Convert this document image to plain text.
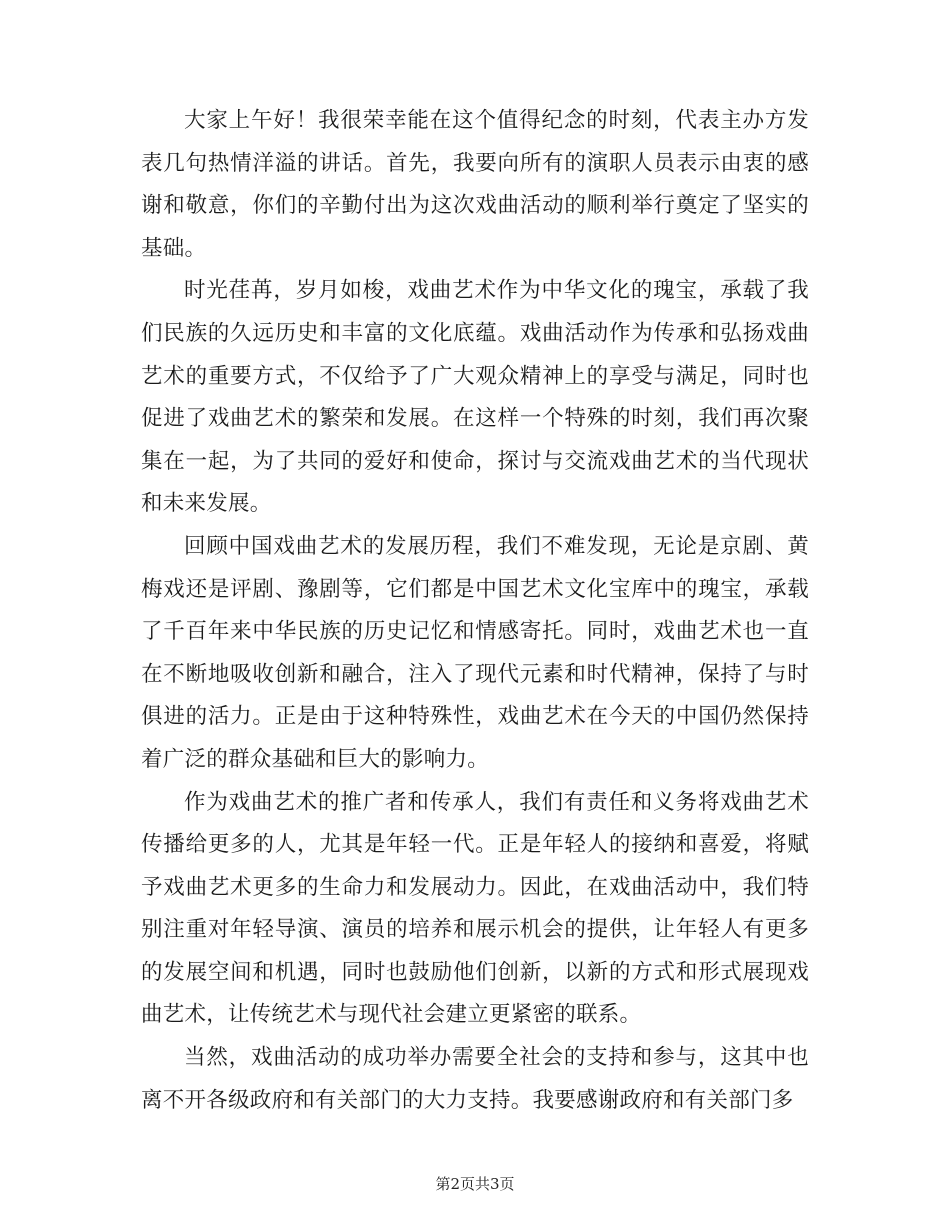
大家上午好！我很荣幸能在这个值得纪念的时刻，代表主办方发表几句热情洋溢的讲话。首先，我要向所有的演职人员表示由衷的感谢和敬意，你们的辛勤付出为这次戏曲活动的顺利举行奠定了坚实的基础。

时光荏苒，岁月如梭，戏曲艺术作为中华文化的瑰宝，承载了我们民族的久远历史和丰富的文化底蕴。戏曲活动作为传承和弘扬戏曲艺术的重要方式，不仅给予了广大观众精神上的享受与满足，同时也促进了戏曲艺术的繁荣和发展。在这样一个特殊的时刻，我们再次聚集在一起，为了共同的爱好和使命，探讨与交流戏曲艺术的当代现状和未来发展。

回顾中国戏曲艺术的发展历程，我们不难发现，无论是京剧、黄梅戏还是评剧、豫剧等，它们都是中国艺术文化宝库中的瑰宝，承载了千百年来中华民族的历史记忆和情感寄托。同时，戏曲艺术也一直在不断地吸收创新和融合，注入了现代元素和时代精神，保持了与时俱进的活力。正是由于这种特殊性，戏曲艺术在今天的中国仍然保持着广泛的群众基础和巨大的影响力。

作为戏曲艺术的推广者和传承人，我们有责任和义务将戏曲艺术传播给更多的人，尤其是年轻一代。正是年轻人的接纳和喜爱，将赋予戏曲艺术更多的生命力和发展动力。因此，在戏曲活动中，我们特别注重对年轻导演、演员的培养和展示机会的提供，让年轻人有更多的发展空间和机遇，同时也鼓励他们创新，以新的方式和形式展现戏曲艺术，让传统艺术与现代社会建立更紧密的联系。

当然，戏曲活动的成功举办需要全社会的支持和参与，这其中也离不开各级政府和有关部门的大力支持。我要感谢政府和有关部门多

第2页共3页
